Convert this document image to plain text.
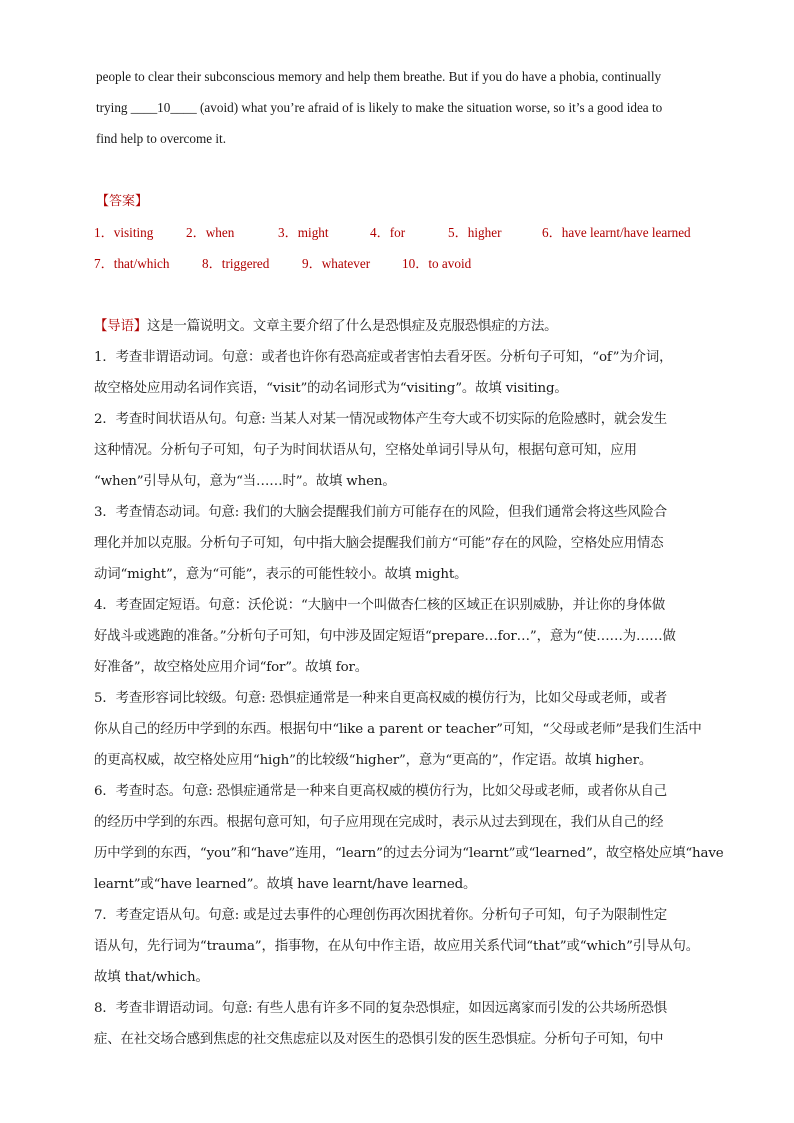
people to clear their subconscious memory and help them breathe. But if you do have a phobia, continually
trying ____10____ (avoid) what you’re afraid of is likely to make the situation worse, so it’s a good idea to
find help to overcome it.
【答案】
1．visiting 2．when	3．might	4．for	5．higher	6．have learnt/have learned
7．that/which 8．triggered 9．whatever 10．to avoid
【导语】这是一篇说明文。文章主要介绍了什么是恐惧症及克服恐惧症的方法。
1．考查非谓语动词。句意：或者也许你有恐高症或者害怕去看牙医。分析句子可知，“of”为介词，
故空格处应用动名词作宾语，“visit”的动名词形式为“visiting”。故填 visiting。
2．考查时间状语从句。句意: 当某人对某一情况或物体产生夸大或不切实际的危险感时，就会发生
这种情况。分析句子可知，句子为时间状语从句，空格处单词引导从句，根据句意可知，应用
“when”引导从句，意为“当……时”。故填 when。
3．考查情态动词。句意: 我们的大脑会提醒我们前方可能存在的风险，但我们通常会将这些风险合
理化并加以克服。分析句子可知，句中指大脑会提醒我们前方“可能”存在的风险，空格处应用情态
动词“might”，意为“可能”，表示的可能性较小。故填 might。
4．考查固定短语。句意：沃伦说：“大脑中一个叫做杏仁核的区域正在识别威胁，并让你的身体做
好战斗或逃跑的准备。”分析句子可知，句中涉及固定短语“prepare…for…”，意为“使……为……做
好准备”，故空格处应用介词“for”。故填 for。
5．考查形容词比较级。句意: 恐惧症通常是一种来自更高权威的模仿行为，比如父母或老师，或者
你从自己的经历中学到的东西。根据句中“like a parent or teacher”可知，“父母或老师”是我们生活中
的更高权威，故空格处应用“high”的比较级“higher”，意为“更高的”，作定语。故填 higher。
6．考查时态。句意: 恐惧症通常是一种来自更高权威的模仿行为，比如父母或老师，或者你从自己
的经历中学到的东西。根据句意可知，句子应用现在完成时，表示从过去到现在，我们从自己的经
历中学到的东西，“you”和“have”连用，“learn”的过去分词为“learnt”或“learned”，故空格处应填“have
learnt”或“have learned”。故填 have learnt/have learned。
7．考查定语从句。句意: 或是过去事件的心理创伤再次困扰着你。分析句子可知，句子为限制性定
语从句，先行词为“trauma”，指事物，在从句中作主语，故应用关系代词“that”或“which”引导从句。
故填 that/which。
8．考查非谓语动词。句意: 有些人患有许多不同的复杂恐惧症，如因远离家而引发的公共场所恐惧
症、在社交场合感到焦虑的社交焦虑症以及对医生的恐惧引发的医生恐惧症。分析句子可知，句中
